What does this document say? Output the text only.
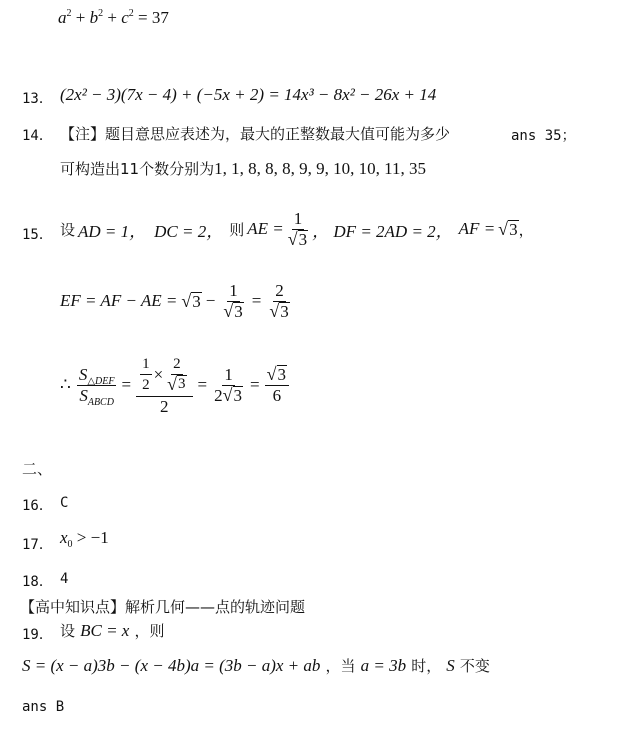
$a^2 + b^2 + c^2 = 37$
13． (2x² − 3)(7x − 4) + (−5x + 2) = 14x³ − 8x² − 26x + 14
14． 【注】题目意思应表述为，最大的正整数最大值可能为多少	ans 35；
可构造出11个数分别为1, 1, 8, 8, 8, 9, 9, 10, 10, 11, 35
15． 设 AD = 1， DC = 2， 则 AE = $\frac{1}{√ 3}$ ， DF = 2AD = 2， AF = √ 3 ，
EF = AF − AE = √ $3 - \frac{1}{√ 3} = \frac{2}{√ 3}$
∴ $\frac{S_{\triangle DEF}}{S_{ABCD}} = \frac{\frac{1}{2} \times \frac{2}{√ 3}}{2} = \frac{1}{2 √ 3} = \frac{√ 3}{6}$
二、
16． C
17． $x_0 > -1$
18． 4
【高中知识点】解析几何——点的轨迹问题
19． 设 BC = x ，则
S = (x − a)3b − (x − 4b)a = (3b − a)x + ab ，当 a = 3b 时， S 不变
ans B
